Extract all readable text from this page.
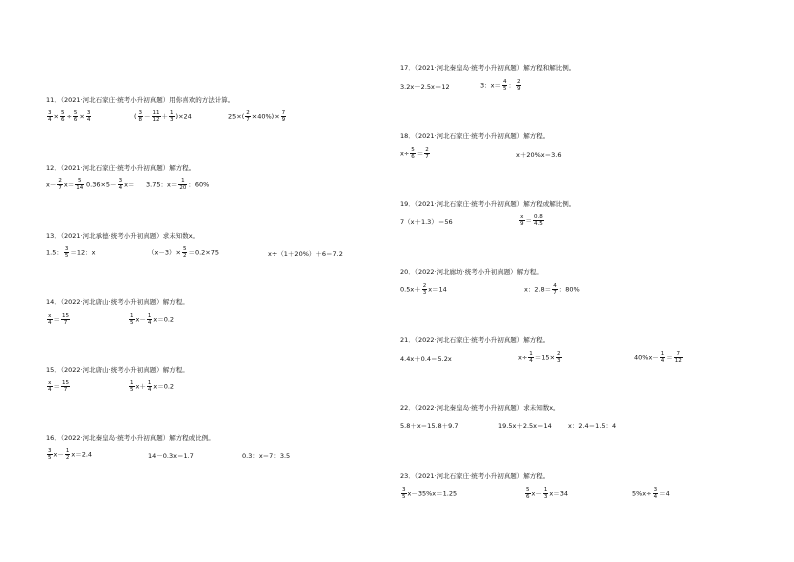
11．（2021·河北石家庄·统考小升初真题）用你喜欢的方法计算。
$\frac{3}{4} \times \frac{5}{6} \div \frac{5}{6} \times \frac{3}{4}$	( $\frac{3}{8} - \frac{11}{12} + \frac{1}{3} )\times 24$	$25\times( \frac{2}{7} \times 40\%)\times \frac{7}{9}$
12．（2021·河北石家庄·统考小升初真题）解方程。
$x- \frac{2}{7} x= \frac{5}{14} 0.36\times 5- \frac{3}{4} x= 3.75$：$x= \frac{1}{20}$ ：60%
13．（2021·河北承德·统考小升初真题）求未知数x。
1.5： $\frac{3}{5} =12$：x	$(x-3)\times \frac{5}{2} =0.2\times 75$	x÷（1＋20%）＋6＝7.2
14．（2022·河北唐山·统考小升初真题）解方程。
$\frac{x}{4} = \frac{15}{7}$	$\frac{1}{5} x- \frac{1}{4} x=0.2$
15．（2022·河北唐山·统考小升初真题）解方程。
$\frac{x}{4} = \frac{15}{7}$	$\frac{1}{5} x+ \frac{1}{4} x=0.2$
16．（2022·河北秦皇岛·统考小升初真题）解方程或比例。
$\frac{3}{5} x- \frac{1}{2} x=2.4$	14－0.3x＝1.7	0.3：x＝7：3.5
17．（2021·河北秦皇岛·统考小升初真题）解方程和解比例。
3.2x－2.5x＝12	3：$x= \frac{4}{5}$ ： $\frac{2}{9}$
18．（2021·河北石家庄·统考小升初真题）解方程。
$x\div \frac{5}{6} = \frac{2}{7}$	x＋20%x＝3.6
19．（2021·河北石家庄·统考小升初真题）解方程或解比例。
7（x＋1.3）＝56	$\frac{x}{9} = \frac{0.8}{4.5}$
20．（2022·河北廊坊·统考小升初真题）解方程。
$0.5x+ \frac{2}{3} x=14$	x：$2.8= \frac{4}{7}$ ：80%
21．（2022·河北石家庄·统考小升初真题）解方程。
4.4x＋0.4＝5.2x	$x\div \frac{1}{4} =15\times \frac{2}{3}$	$40\%x- \frac{1}{4} = \frac{7}{12}$
22．（2022·河北秦皇岛·统考小升初真题）求未知数x。
5.8＋x＝15.8＋9.7	19.5x＋2.5x＝14 x：2.4＝1.5：4
23．（2021·河北石家庄·统考小升初真题）解方程。
$\frac{3}{5} x-35\%x=1.25$	$\frac{5}{6} x- \frac{1}{3} x=34$	$5\%x\div \frac{3}{4} =4$
